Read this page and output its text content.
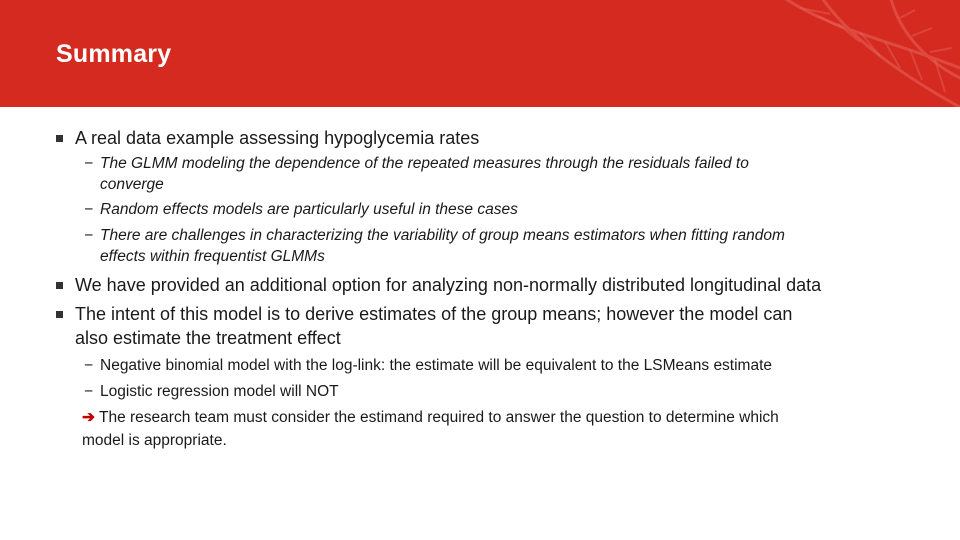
Summary
A real data example assessing hypoglycemia rates
− The GLMM modeling the dependence of the repeated measures through the residuals failed to
converge
− Random effects models are particularly useful in these cases
− There are challenges in characterizing the variability of group means estimators when fitting random
effects within frequentist GLMMs
We have provided an additional option for analyzing non-normally distributed longitudinal data
The intent of this model is to derive estimates of the group means; however the model can
also estimate the treatment effect
− Negative binomial model with the log-link: the estimate will be equivalent to the LSMeans estimate
− Logistic regression model will NOT
➔ The research team must consider the estimand required to answer the question to determine which
model is appropriate.
